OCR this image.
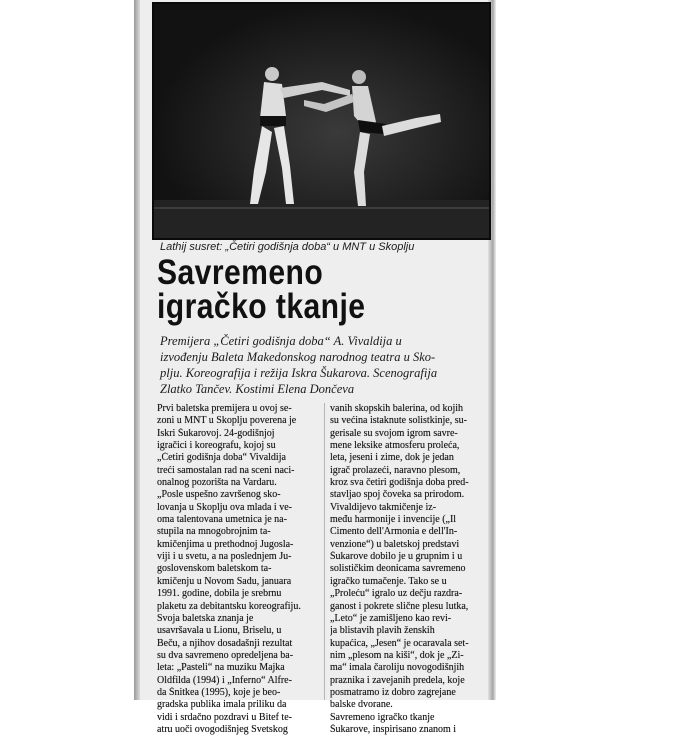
Lathij susret: „Četiri godišnja doba“ u MNT u Skoplju
Savremeno
igračko tkanje
Premijera „Četiri godišnja doba“ A. Vivaldija u
izvođenju Baleta Makedonskog narodnog teatra u Sko-
plju. Koreografija i režija Iskra Šukarova. Scenografija
Zlatko Tančev. Kostimi Elena Dončeva
Prvi baletska premijera u ovoj se-
zoni u MNT u Skoplju poverena je
Iskri Šukarovoj. 24-godišnjoj
igračici i koreografu, kojoj su
„Četiri godišnja doba“ Vivaldija
treći samostalan rad na sceni naci-
onalnog pozorišta na Vardaru.
„Posle uspešno završenog sko-
lovanja u Skoplju ova mlada i ve-
oma talentovana umetnica je na-
stupila na mnogobrojnim ta-
kmičenjima u prethodnoj Jugosla-
viji i u svetu, a na poslednjem Ju-
goslovenskom baletskom ta-
kmičenju u Novom Sadu, januara
1991. godine, dobila je srebrnu
plaketu za debitantsku koreografiju.
Svoja baletska znanja je
usavršavala u Lionu, Briselu, u
Beču, a njihov dosadašnji rezultat
su dva savremeno opredeljena ba-
leta: „Pasteli“ na muziku Majka
Oldfilda (1994) i „Inferno“ Alfre-
da Šnitkea (1995), koje je beo-
gradska publika imala priliku da
vidi i srdačno pozdravi u Bitef te-
atru uoči ovogodišnjeg Svetskog
vanih skopskih balerina, od kojih
su većina istaknute solistkinje, su-
gerisale su svojom igrom savre-
mene leksike atmosferu proleća,
leta, jeseni i zime, dok je jedan
igrač prolazeći, naravno plesom,
kroz sva četiri godišnja doba pred-
stavljao spoj čoveka sa prirodom.
Vivaldijevo takmičenje iz-
među harmonije i invencije („Il
Cimento dell'Armonia e dell'In-
venzione“) u baletskoj predstavi
Šukarove dobilo je u grupnim i u
solističkim deonicama savremeno
igračko tumačenje. Tako se u
„Proleću“ igralo uz dečju razdra-
ganost i pokrete slične plesu lutka,
„Leto“ je zamišljeno kao revi-
ja blistavih plavih ženskih
kupaćica, „Jesen“ je ocaravala set-
nim „plesom na kiši“, dok je „Zi-
ma“ imala čaroliju novogodišnjih
praznika i zavejanih predela, koje
posmatramo iz dobro zagrejane
balske dvorane.
Savremeno igračko tkanje
Šukarove, inspirisano znanom i
